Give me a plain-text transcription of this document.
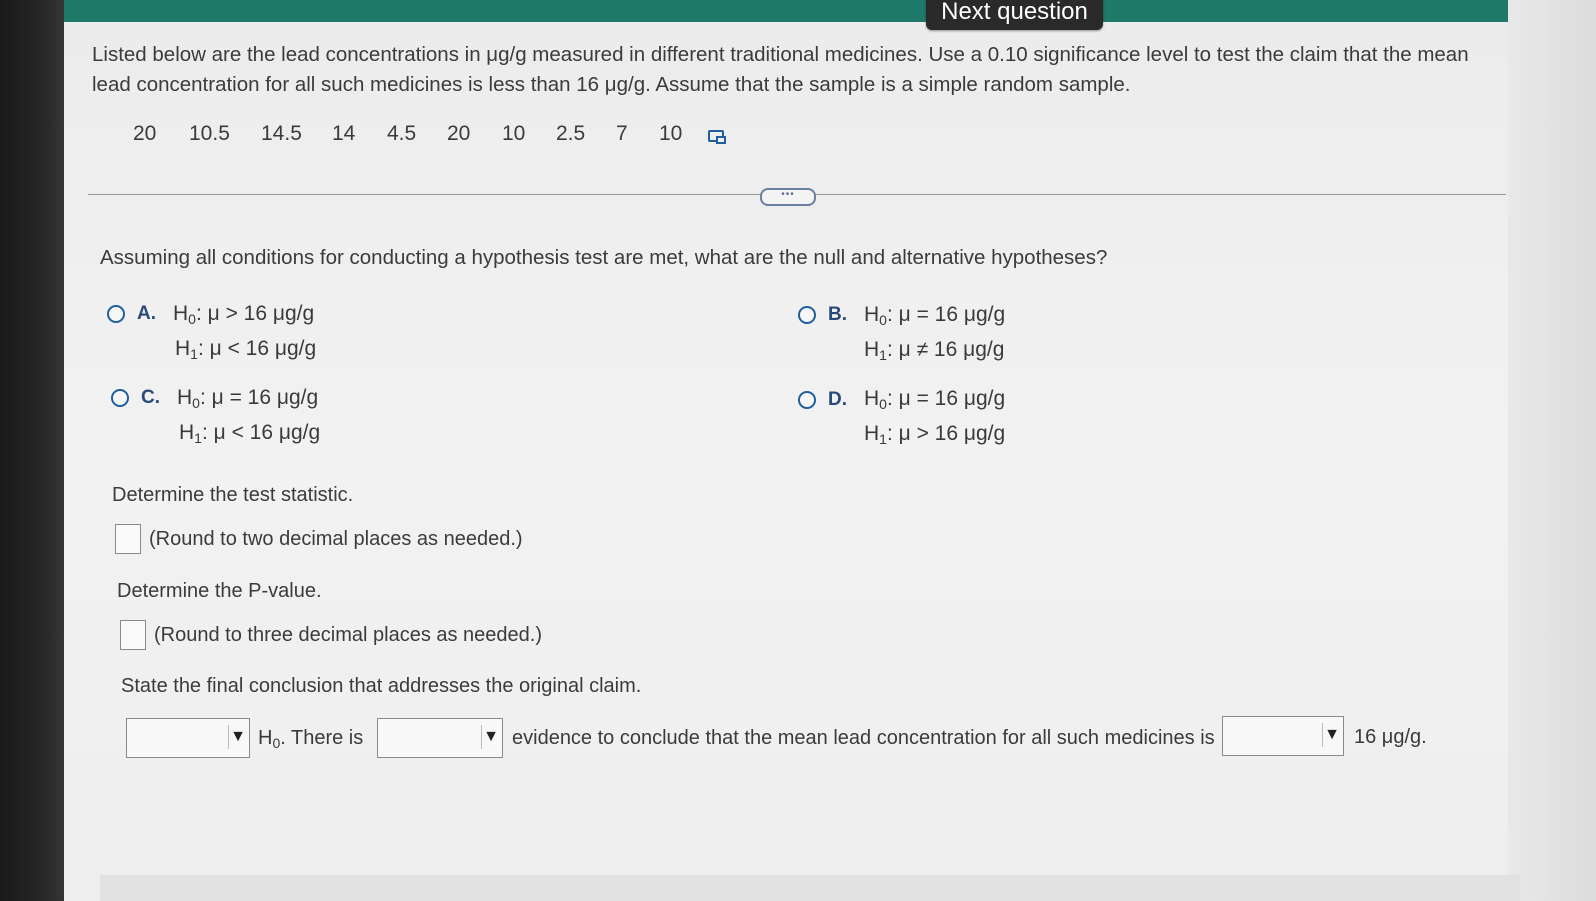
Next question
Listed below are the lead concentrations in μg/g measured in different traditional medicines. Use a 0.10 significance level to test the claim that the mean lead concentration for all such medicines is less than 16 μg/g. Assume that the sample is a simple random sample.
20 10.5 14.5 14 4.5 20 10 2.5 7 10
•••
Assuming all conditions for conducting a hypothesis test are met, what are the null and alternative hypotheses?
A. $H_0$: μ > 16 μg/g
$H_1$: μ < 16 μg/g
B. $H_0$: μ = 16 μg/g
$H_1$: μ ≠ 16 μg/g
C. $H_0$: μ = 16 μg/g
$H_1$: μ < 16 μg/g
D. $H_0$: μ = 16 μg/g
$H_1$: μ > 16 μg/g
Determine the test statistic.
(Round to two decimal places as needed.)
Determine the P-value.
(Round to three decimal places as needed.)
State the final conclusion that addresses the original claim.
▼ $H_0$. There is	▼ evidence to conclude that the mean lead concentration for all such medicines is	▼ 16 μg/g.
